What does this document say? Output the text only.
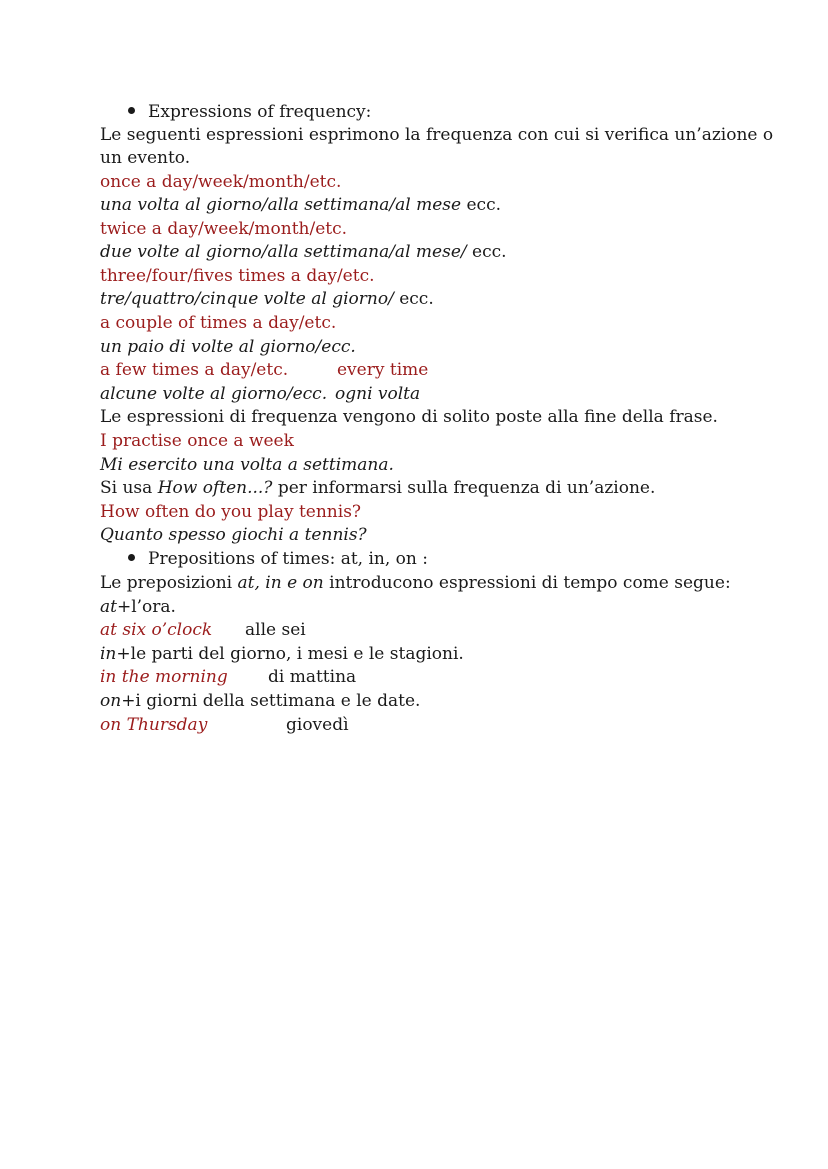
Expressions of frequency:
Le seguenti espressioni esprimono la frequenza con cui si verifica un’azione o
un evento.
once a day/week/month/etc.
una volta al giorno/alla settimana/al mese ecc.
twice a day/week/month/etc.
due volte al giorno/alla settimana/al mese/ ecc.
three/four/fives times a day/etc.
tre/quattro/cinque volte al giorno/ ecc.
a couple of times a day/etc.
un paio di volte al giorno/ecc.
a few times a day/etc.	every time
alcune volte al giorno/ecc. ogni volta
Le espressioni di frequenza vengono di solito poste alla fine della frase.
I practise once a week
Mi esercito una volta a settimana.
Si usa How often...? per informarsi sulla frequenza di un’azione.
How often do you play tennis?
Quanto spesso giochi a tennis?
Prepositions of times: at, in, on :
Le preposizioni at, in e on introducono espressioni di tempo come segue:
at+l’ora.
at six o’clock alle sei
in+le parti del giorno, i mesi e le stagioni.
in the morning di mattina
on+i giorni della settimana e le date.
on Thursday	giovedì
